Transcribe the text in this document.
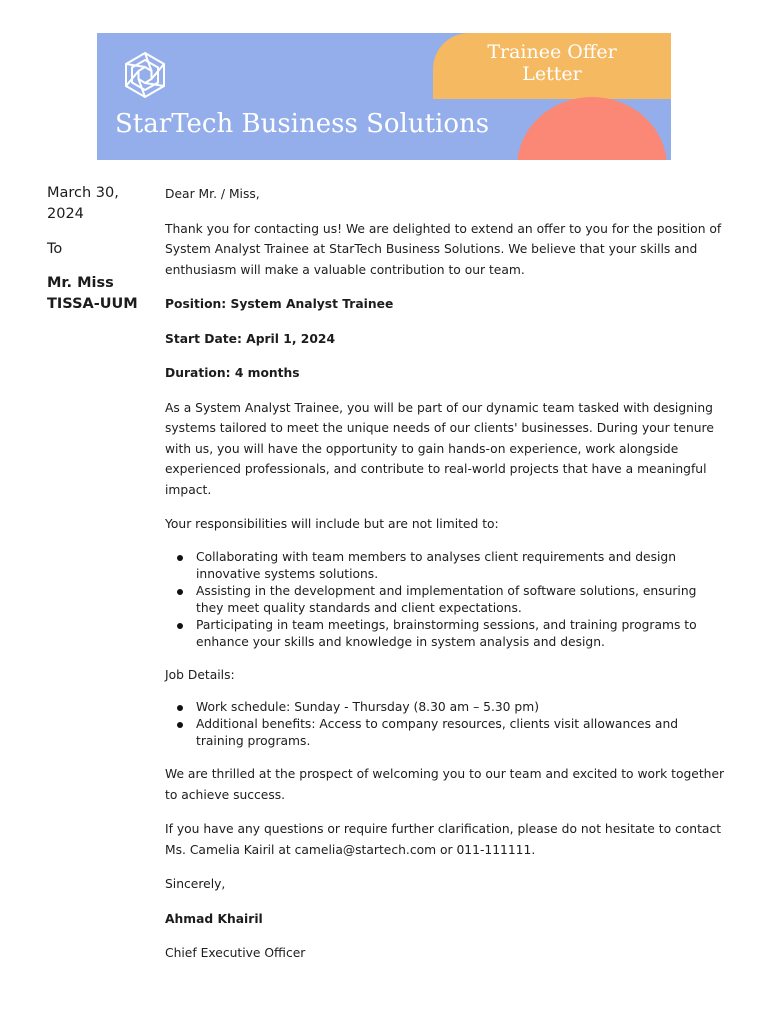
Trainee Offer
Letter
StarTech Business Solutions
March 30, 2024
To
Mr. Miss
TISSA-UUM

Dear Mr. / Miss,

Thank you for contacting us! We are delighted to extend an offer to you for the position of System Analyst Trainee at StarTech Business Solutions. We believe that your skills and enthusiasm will make a valuable contribution to our team.

Position: System Analyst Trainee

Start Date: April 1, 2024

Duration: 4 months

As a System Analyst Trainee, you will be part of our dynamic team tasked with designing systems tailored to meet the unique needs of our clients' businesses. During your tenure with us, you will have the opportunity to gain hands-on experience, work alongside experienced professionals, and contribute to real-world projects that have a meaningful impact.

Your responsibilities will include but are not limited to:

Collaborating with team members to analyses client requirements and design innovative systems solutions.
Assisting in the development and implementation of software solutions, ensuring they meet quality standards and client expectations.
Participating in team meetings, brainstorming sessions, and training programs to enhance your skills and knowledge in system analysis and design.

Job Details:

Work schedule: Sunday - Thursday (8.30 am – 5.30 pm)
Additional benefits: Access to company resources, clients visit allowances and training programs.

We are thrilled at the prospect of welcoming you to our team and excited to work together to achieve success.

If you have any questions or require further clarification, please do not hesitate to contact Ms. Camelia Kairil at camelia@startech.com or 011-111111.

Sincerely,

Ahmad Khairil

Chief Executive Officer
